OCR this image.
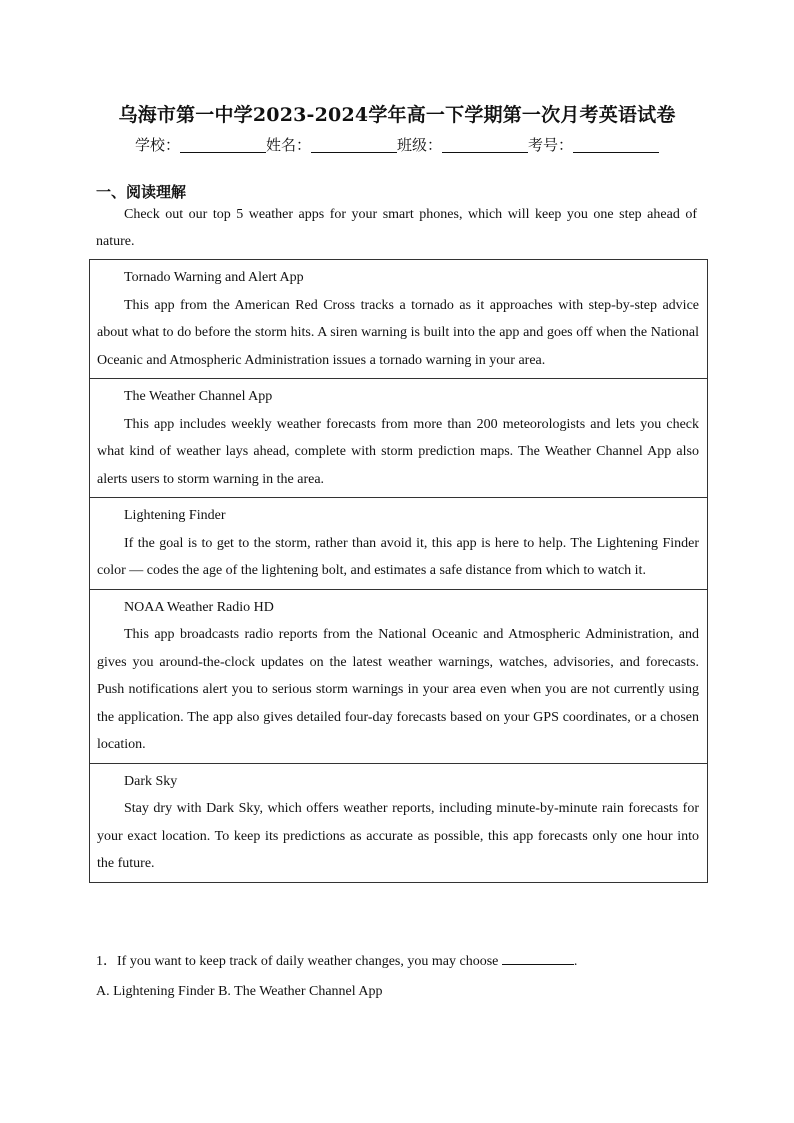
乌海市第一中学2023-2024学年高一下学期第一次月考英语试卷
学校：	姓名：	班级：	考号：
一、阅读理解
Check out our top 5 weather apps for your smart phones, which will keep you one step ahead of nature.
Tornado Warning and Alert App
This app from the American Red Cross tracks a tornado as it approaches with step-by-step advice about what to do before the storm hits. A siren warning is built into the app and goes off when the National Oceanic and Atmospheric Administration issues a tornado warning in your area.
The Weather Channel App
This app includes weekly weather forecasts from more than 200 meteorologists and lets you check what kind of weather lays ahead, complete with storm prediction maps. The Weather Channel App also alerts users to storm warning in the area.
Lightening Finder
If the goal is to get to the storm, rather than avoid it, this app is here to help. The Lightening Finder color — codes the age of the lightening bolt, and estimates a safe distance from which to watch it.
NOAA Weather Radio HD
This app broadcasts radio reports from the National Oceanic and Atmospheric Administration, and gives you around-the-clock updates on the latest weather warnings, watches, advisories, and forecasts. Push notifications alert you to serious storm warnings in your area even when you are not currently using the application. The app also gives detailed four-day forecasts based on your GPS coordinates, or a chosen location.
Dark Sky
Stay dry with Dark Sky, which offers weather reports, including minute-by-minute rain forecasts for your exact location. To keep its predictions as accurate as possible, this app forecasts only one hour into the future.
1．If you want to keep track of daily weather changes, you may choose	.
A. Lightening Finder B. The Weather Channel App
